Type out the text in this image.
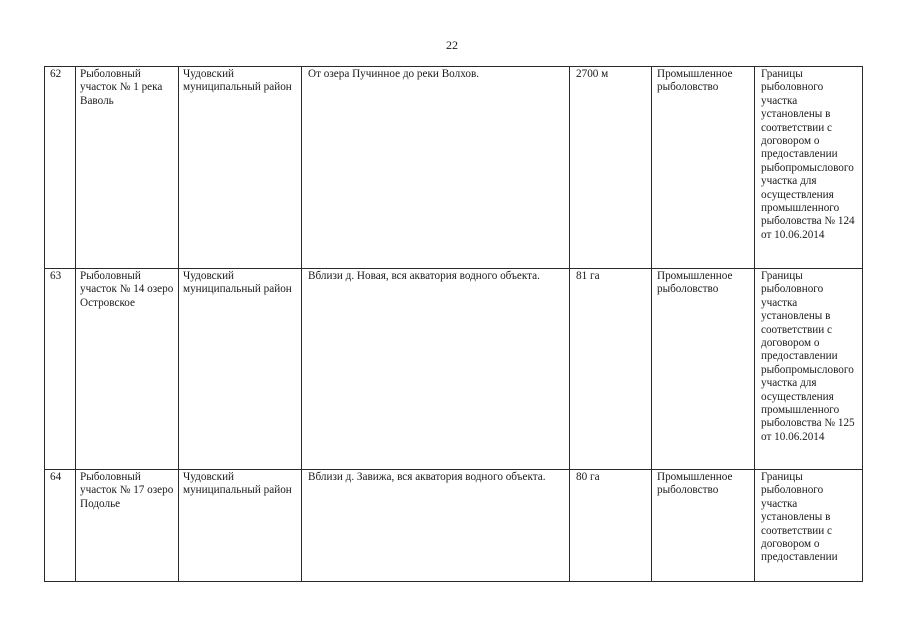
22
62	Рыболовный участок № 1 река Ваволь	Чудовский муниципальный район	От озера Пучинное до реки Волхов.	2700 м	Промышленное рыболовство	Границы рыболовного участка установлены в соответствии с договором о предоставлении рыбопромыслового участка для осуществления промышленного рыболовства № 124 от 10.06.2014
63	Рыболовный участок № 14 озеро Островское	Чудовский муниципальный район	Вблизи д. Новая, вся акватория водного объекта.	81 га	Промышленное рыболовство	Границы рыболовного участка установлены в соответствии с договором о предоставлении рыбопромыслового участка для осуществления промышленного рыболовства № 125 от 10.06.2014
64	Рыболовный участок № 17 озеро Подолье	Чудовский муниципальный район	Вблизи д. Завижа, вся акватория водного объекта.	80 га	Промышленное рыболовство	Границы рыболовного участка установлены в соответствии с договором о предоставлении
